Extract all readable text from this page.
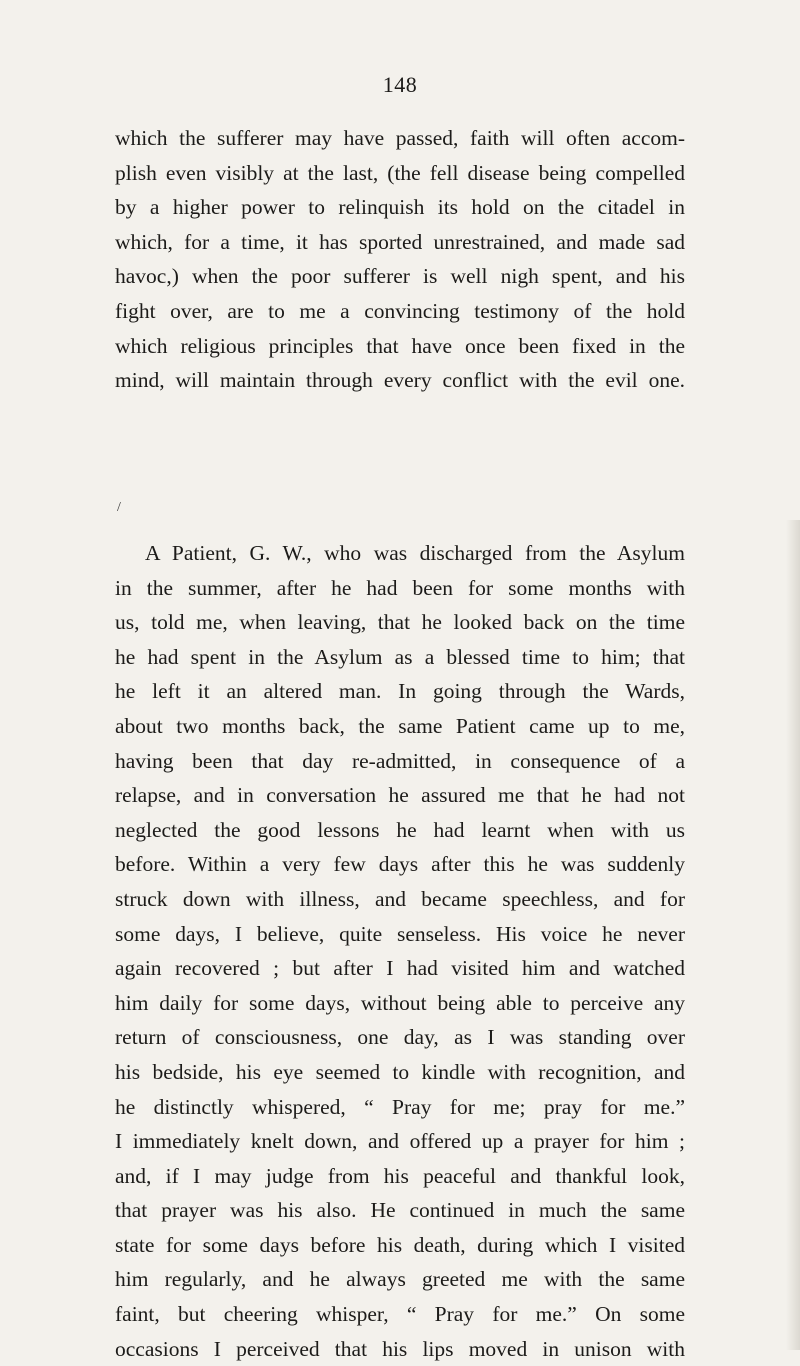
148
/
which the sufferer may have passed, faith will often accom-
plish even visibly at the last, (the fell disease being compelled
by a higher power to relinquish its hold on the citadel in
which, for a time, it has sported unrestrained, and made sad
havoc,) when the poor sufferer is well nigh spent, and his
fight over, are to me a convincing testimony of the hold
which religious principles that have once been fixed in the
mind, will maintain through every conflict with the evil one.
A Patient, G. W., who was discharged from the Asylum
in the summer, after he had been for some months with
us, told me, when leaving, that he looked back on the time
he had spent in the Asylum as a blessed time to him; that
he left it an altered man. In going through the Wards,
about two months back, the same Patient came up to me,
having been that day re-admitted, in consequence of a
relapse, and in conversation he assured me that he had not
neglected the good lessons he had learnt when with us
before. Within a very few days after this he was suddenly
struck down with illness, and became speechless, and for
some days, I believe, quite senseless. His voice he never
again recovered ; but after I had visited him and watched
him daily for some days, without being able to perceive any
return of consciousness, one day, as I was standing over
his bedside, his eye seemed to kindle with recognition, and
he distinctly whispered, “ Pray for me; pray for me.”
I immediately knelt down, and offered up a prayer for him ;
and, if I may judge from his peaceful and thankful look,
that prayer was his also. He continued in much the same
state for some days before his death, during which I visited
him regularly, and he always greeted me with the same
faint, but cheering whisper, “ Pray for me.” On some
occasions I perceived that his lips moved in unison with
